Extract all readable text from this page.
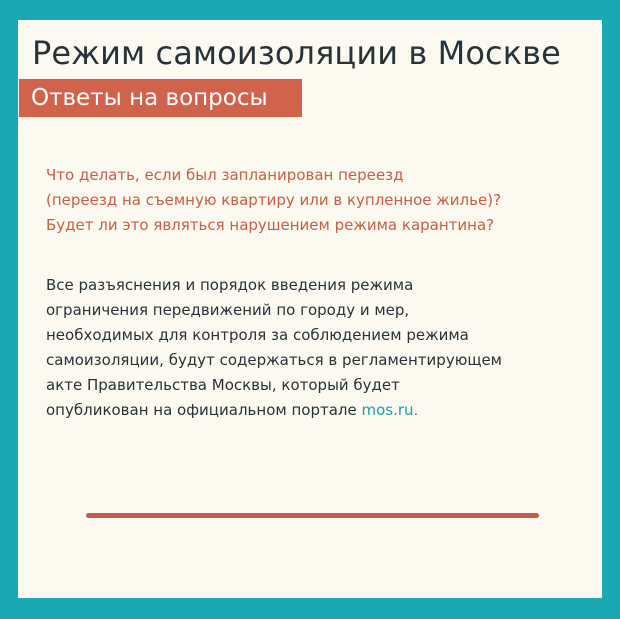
Режим самоизоляции в Москве
Ответы на вопросы

Что делать, если был запланирован переезд
(переезд на съемную квартиру или в купленное жилье)?
Будет ли это являться нарушением режима карантина?

Все разъяснения и порядок введения режима
ограничения передвижений по городу и мер,
необходимых для контроля за соблюдением режима
самоизоляции, будут содержаться в регламентирующем
акте Правительства Москвы, который будет
опубликован на официальном портале mos.ru.
